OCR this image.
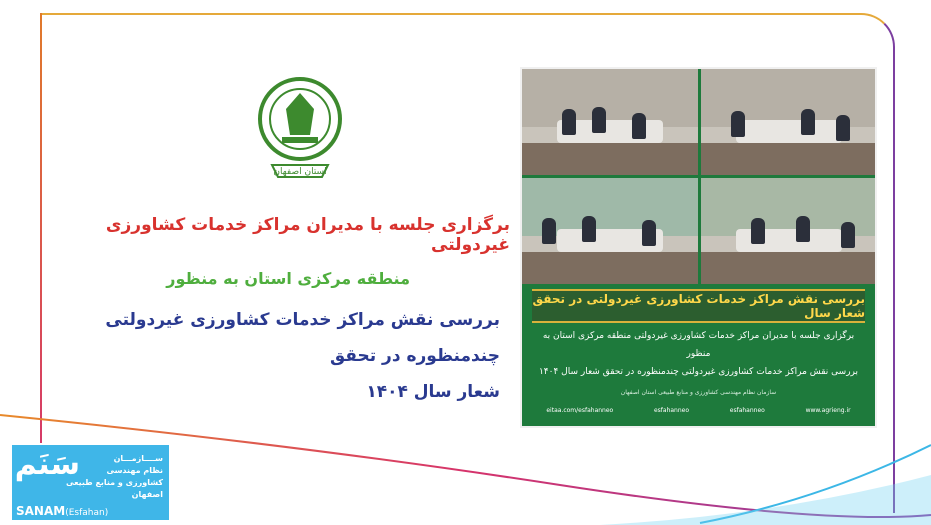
استان اصفهان
برگزاری جلسه با مدیران مراکز خدمات کشاورزی غیردولتی
منطقه مرکزی استان به منظور
بررسی نقش مراکز خدمات کشاورزی غیردولتی چندمنظوره در تحقق
شعار سال ۱۴۰۴
بررسی نقش مراکز خدمات کشاورزی غیردولتی در تحقق شعار سال
برگزاری جلسه با مدیران مراکز خدمات کشاورزی غیردولتی منطقه مرکزی استان به منظور
بررسی نقش مراکز خدمات کشاورزی غیردولتی چندمنظوره در تحقق شعار سال ۱۴۰۴
سازمان نظام مهندسی کشاورزی و منابع طبیعی استان اصفهان
eitaa.com/esfahanneo	esfahanneo	esfahanneo	www.agrieng.ir
سَنَم	ســــازمـــان
نظام مهندسی
کشاورزی و منابع طبیعی اصفهان
SANAM(Esfahan)
